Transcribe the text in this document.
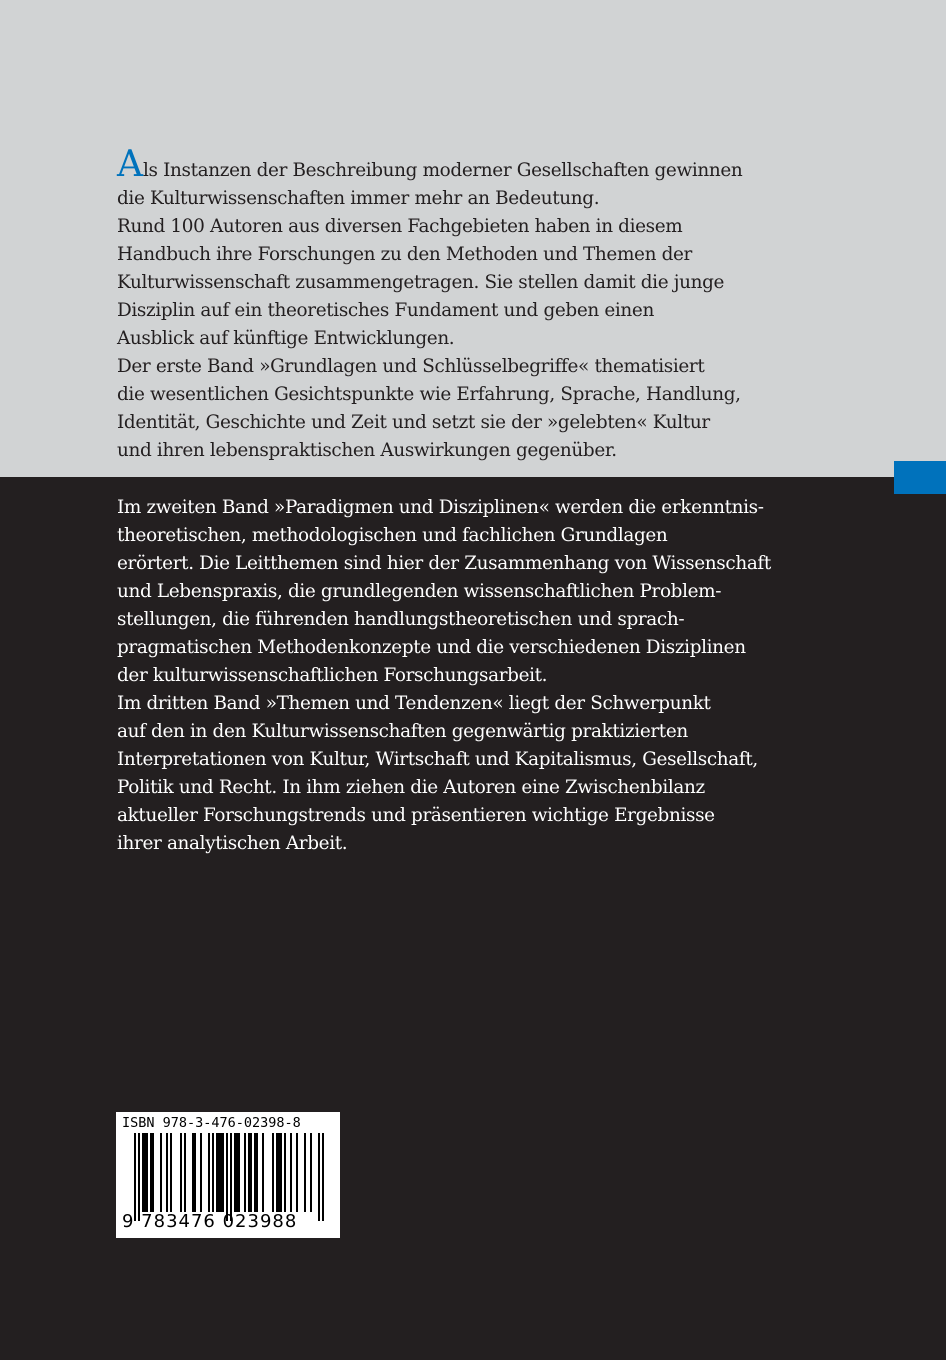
Als Instanzen der Beschreibung moderner Gesellschaften gewinnen
die Kulturwissenschaften immer mehr an Bedeutung.
Rund 100 Autoren aus diversen Fachgebieten haben in diesem
Handbuch ihre Forschungen zu den Methoden und Themen der
Kulturwissenschaft zusammengetragen. Sie stellen damit die junge
Disziplin auf ein theoretisches Fundament und geben einen
Ausblick auf künftige Entwicklungen.
Der erste Band »Grundlagen und Schlüsselbegriffe« thematisiert
die wesentlichen Gesichtspunkte wie Erfahrung, Sprache, Handlung,
Identität, Geschichte und Zeit und setzt sie der »gelebten« Kultur
und ihren lebenspraktischen Auswirkungen gegenüber.

Im zweiten Band »Paradigmen und Disziplinen« werden die erkenntnis-
theoretischen, methodologischen und fachlichen Grundlagen
erörtert. Die Leitthemen sind hier der Zusammenhang von Wissenschaft
und Lebenspraxis, die grundlegenden wissenschaftlichen Problem-
stellungen, die führenden handlungstheoretischen und sprach-
pragmatischen Methodenkonzepte und die verschiedenen Disziplinen
der kulturwissenschaftlichen Forschungsarbeit.
Im dritten Band »Themen und Tendenzen« liegt der Schwerpunkt
auf den in den Kulturwissenschaften gegenwärtig praktizierten
Interpretationen von Kultur, Wirtschaft und Kapitalismus, Gesellschaft,
Politik und Recht. In ihm ziehen die Autoren eine Zwischenbilanz
aktueller Forschungstrends und präsentieren wichtige Ergebnisse
ihrer analytischen Arbeit.

ISBN 978-3-476-02398-8
9 783476 023988
